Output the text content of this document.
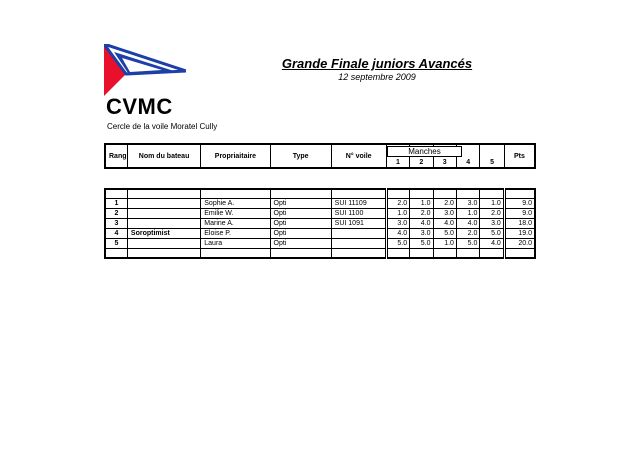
CVMC
Cercle de la voile Moratel Cully
Grande Finale juniors Avancés
12 septembre 2009
Rang	Nom du bateau	Propriaitaire	Type	N° voile	1	2	3	4	5	Pts
Manches

1		Sophie A.	Opti	SUI 11109	2.0	1.0	2.0	3.0	1.0	9.0
2		Emilie W.	Opti	SUI 1100	1.0	2.0	3.0	1.0	2.0	9.0
3		Marine A.	Opti	SUI 1091	3.0	4.0	4.0	4.0	3.0	18.0
4	Soroptimist	Eloise P.	Opti		4.0	3.0	5.0	2.0	5.0	19.0
5		Laura	Opti		5.0	5.0	1.0	5.0	4.0	20.0
